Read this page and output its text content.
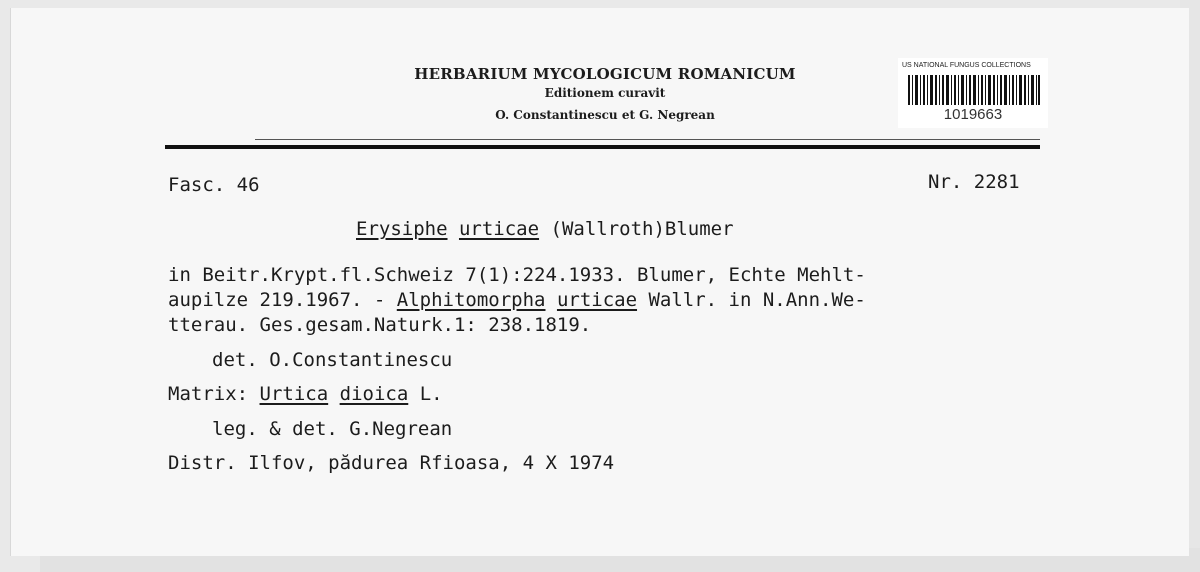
HERBARIUM MYCOLOGICUM ROMANICUM
Editionem curavit
O. Constantinescu et G. Negrean
US NATIONAL FUNGUS COLLECTIONS
1019663
Fasc. 46	Nr. 2281
Erysiphe urticae (Wallroth)Blumer
in Beitr.Krypt.fl.Schweiz 7(1):224.1933. Blumer, Echte Mehlt-
aupilze 219.1967. - Alphitomorpha urticae Wallr. in N.Ann.We-
tterau. Ges.gesam.Naturk.1: 238.1819.
det. O.Constantinescu
Matrix: Urtica dioica L.
leg. & det. G.Negrean
Distr. Ilfov, pădurea Rfioasa, 4 X 1974
